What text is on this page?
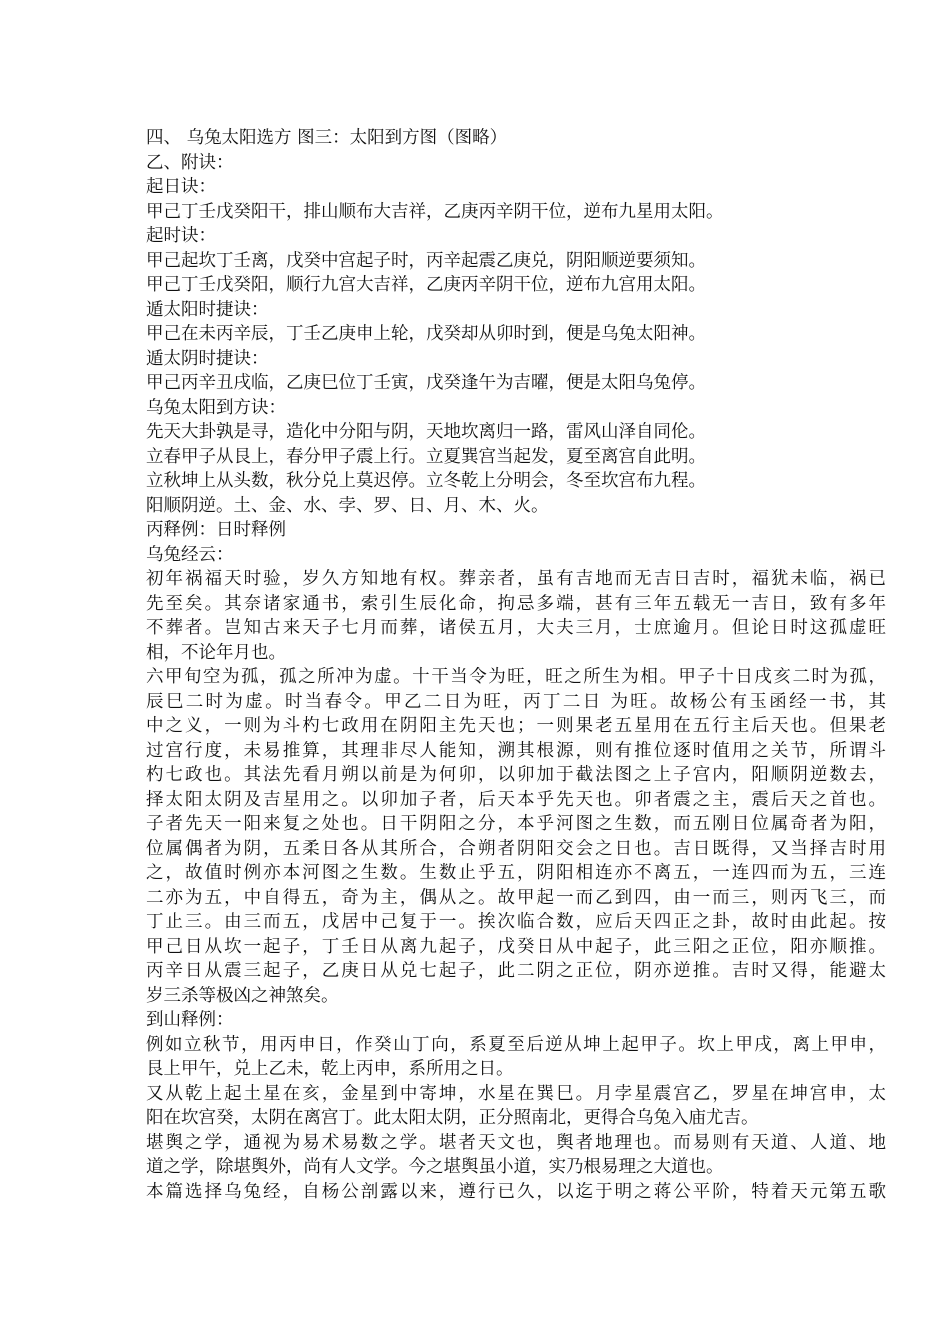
四、 乌兔太阳选方 图三：太阳到方图（图略）
乙、附诀：
起日诀：
甲己丁壬戊癸阳干，排山顺布大吉祥，乙庚丙辛阴干位，逆布九星用太阳。
起时诀：
甲己起坎丁壬离，戊癸中宫起子时，丙辛起震乙庚兑，阴阳顺逆要须知。
甲己丁壬戊癸阳，顺行九宫大吉祥，乙庚丙辛阴干位，逆布九宫用太阳。
遁太阳时捷诀：
甲己在未丙辛辰，丁壬乙庚申上轮，戊癸却从卯时到，便是乌兔太阳神。
遁太阴时捷诀：
甲己丙辛丑戌临，乙庚巳位丁壬寅，戊癸逢午为吉曜，便是太阳乌兔停。
乌兔太阳到方诀：
先天大卦孰是寻，造化中分阳与阴，天地坎离归一路，雷风山泽自同伦。
立春甲子从艮上，春分甲子震上行。立夏巽宫当起发，夏至离宫自此明。
立秋坤上从头数，秋分兑上莫迟停。立冬乾上分明会，冬至坎宫布九程。
阳顺阴逆。土、金、水、孛、罗、日、月、木、火。
丙释例：日时释例
乌兔经云：
初年祸福天时验，岁久方知地有权。葬亲者，虽有吉地而无吉日吉时，福犹未临，祸已
先至矣。其奈诸家通书，索引生辰化命，拘忌多端，甚有三年五载无一吉日，致有多年
不葬者。岂知古来天子七月而葬，诸侯五月，大夫三月，士庶逾月。但论日时这孤虚旺
相，不论年月也。
六甲旬空为孤，孤之所冲为虚。十干当令为旺，旺之所生为相。甲子十日戌亥二时为孤，
辰巳二时为虚。时当春令。甲乙二日为旺，丙丁二日 为旺。故杨公有玉函经一书，其
中之义，一则为斗杓七政用在阴阳主先天也；一则果老五星用在五行主后天也。但果老
过宫行度，未易推算，其理非尽人能知，溯其根源，则有推位逐时值用之关节，所谓斗
杓七政也。其法先看月朔以前是为何卯，以卯加于截法图之上子宫内，阳顺阴逆数去，
择太阳太阴及吉星用之。以卯加子者，后天本乎先天也。卯者震之主，震后天之首也。
子者先天一阳来复之处也。日干阴阳之分，本乎河图之生数，而五刚日位属奇者为阳，
位属偶者为阴，五柔日各从其所合，合朔者阴阳交会之日也。吉日既得，又当择吉时用
之，故值时例亦本河图之生数。生数止乎五，阴阳相连亦不离五，一连四而为五，三连
二亦为五，中自得五，奇为主，偶从之。故甲起一而乙到四，由一而三，则丙飞三，而
丁止三。由三而五，戊居中己复于一。挨次临合数，应后天四正之卦，故时由此起。按
甲己日从坎一起子，丁壬日从离九起子，戊癸日从中起子，此三阳之正位，阳亦顺推。
丙辛日从震三起子，乙庚日从兑七起子，此二阴之正位，阴亦逆推。吉时又得，能避太
岁三杀等极凶之神煞矣。
到山释例：
例如立秋节，用丙申日，作癸山丁向，系夏至后逆从坤上起甲子。坎上甲戌，离上甲申，
艮上甲午，兑上乙未，乾上丙申，系所用之日。
又从乾上起土星在亥，金星到中寄坤，水星在巽巳。月孛星震宫乙，罗星在坤宫申，太
阳在坎宫癸，太阴在离宫丁。此太阳太阴，正分照南北，更得合乌兔入庙尤吉。
堪舆之学，通视为易术易数之学。堪者天文也，舆者地理也。而易则有天道、人道、地
道之学，除堪舆外，尚有人文学。今之堪舆虽小道，实乃根易理之大道也。
本篇选择乌兔经，自杨公剖露以来，遵行已久，以迄于明之蒋公平阶，特着天元第五歌
